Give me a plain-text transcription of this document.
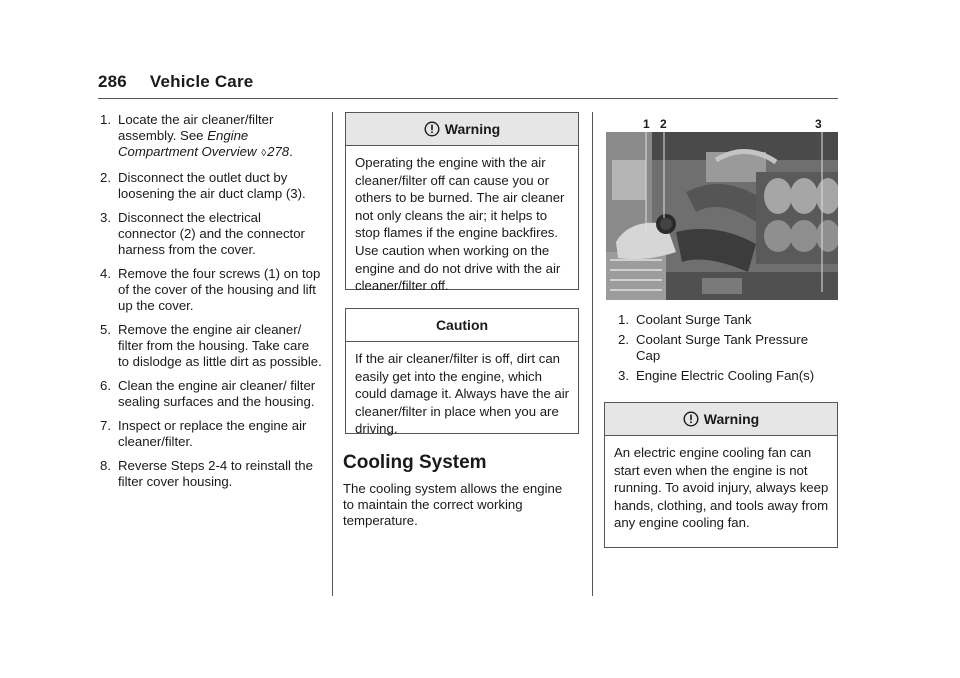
286 Vehicle Care
1. Locate the air cleaner/filter assembly. See Engine Compartment Overview ◊278.
2. Disconnect the outlet duct by loosening the air duct clamp (3).
3. Disconnect the electrical connector (2) and the connector harness from the cover.
4. Remove the four screws (1) on top of the cover of the housing and lift up the cover.
5. Remove the engine air cleaner/ filter from the housing. Take care to dislodge as little dirt as possible.
6. Clean the engine air cleaner/ filter sealing surfaces and the housing.
7. Inspect or replace the engine air cleaner/filter.
8. Reverse Steps 2-4 to reinstall the filter cover housing.
Warning
Operating the engine with the air cleaner/filter off can cause you or others to be burned. The air cleaner not only cleans the air; it helps to stop flames if the engine backfires. Use caution when working on the engine and do not drive with the air cleaner/filter off.
Caution
If the air cleaner/filter is off, dirt can easily get into the engine, which could damage it. Always have the air cleaner/filter in place when you are driving.
Cooling System
The cooling system allows the engine to maintain the correct working temperature.
1 2	3
1. Coolant Surge Tank
2. Coolant Surge Tank Pressure Cap
3. Engine Electric Cooling Fan(s)
Warning
An electric engine cooling fan can start even when the engine is not running. To avoid injury, always keep hands, clothing, and tools away from any engine cooling fan.
